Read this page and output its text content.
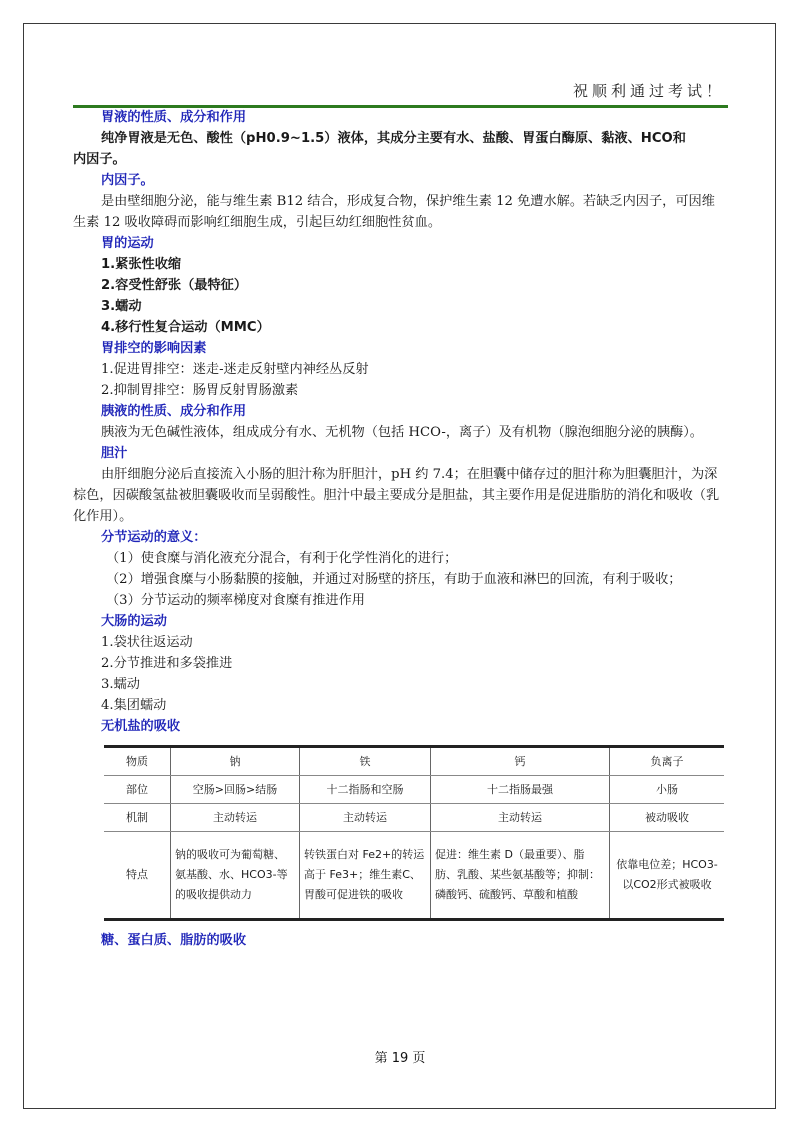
祝顺利通过考试！
胃液的性质、成分和作用
纯净胃液是无色、酸性（pH0.9~1.5）液体，其成分主要有水、盐酸、胃蛋白酶原、黏液、HCO和
内因子。
内因子。
是由壁细胞分泌，能与维生素 B12 结合，形成复合物，保护维生素 12 免遭水解。若缺乏内因子，可因维生素 12 吸收障碍而影响红细胞生成，引起巨幼红细胞性贫血。
胃的运动
1.紧张性收缩
2.容受性舒张（最特征）
3.蠕动
4.移行性复合运动（MMC）
胃排空的影响因素
1.促进胃排空：迷走-迷走反射壁内神经丛反射
2.抑制胃排空：肠胃反射胃肠激素
胰液的性质、成分和作用
胰液为无色碱性液体，组成成分有水、无机物（包括 HCO-，离子）及有机物（腺泡细胞分泌的胰酶）。
胆汁
由肝细胞分泌后直接流入小肠的胆汁称为肝胆汁，pH 约 7.4；在胆囊中储存过的胆汁称为胆囊胆汁，为深棕色，因碳酸氢盐被胆囊吸收而呈弱酸性。胆汁中最主要成分是胆盐，其主要作用是促进脂肪的消化和吸收（乳化作用）。
分节运动的意义：
（1）使食糜与消化液充分混合，有利于化学性消化的进行；
（2）增强食糜与小肠黏膜的接触，并通过对肠壁的挤压，有助于血液和淋巴的回流，有利于吸收；
（3）分节运动的频率梯度对食糜有推进作用
大肠的运动
1.袋状往返运动
2.分节推进和多袋推进
3.蠕动
4.集团蠕动
无机盐的吸收
物质	钠	铁	钙	负离子
部位	空肠>回肠>结肠	十二指肠和空肠	十二指肠最强	小肠
机制	主动转运	主动转运	主动转运	被动吸收
特点	钠的吸收可为葡萄糖、氨基酸、水、HCO3-等的吸收提供动力	转铁蛋白对 Fe2+的转运高于 Fe3+；维生素C、胃酸可促进铁的吸收	促进：维生素 D（最重要）、脂肪、乳酸、某些氨基酸等；抑制：磷酸钙、硫酸钙、草酸和植酸	依靠电位差；HCO3-以CO2形式被吸收
糖、蛋白质、脂肪的吸收
第 19 页
